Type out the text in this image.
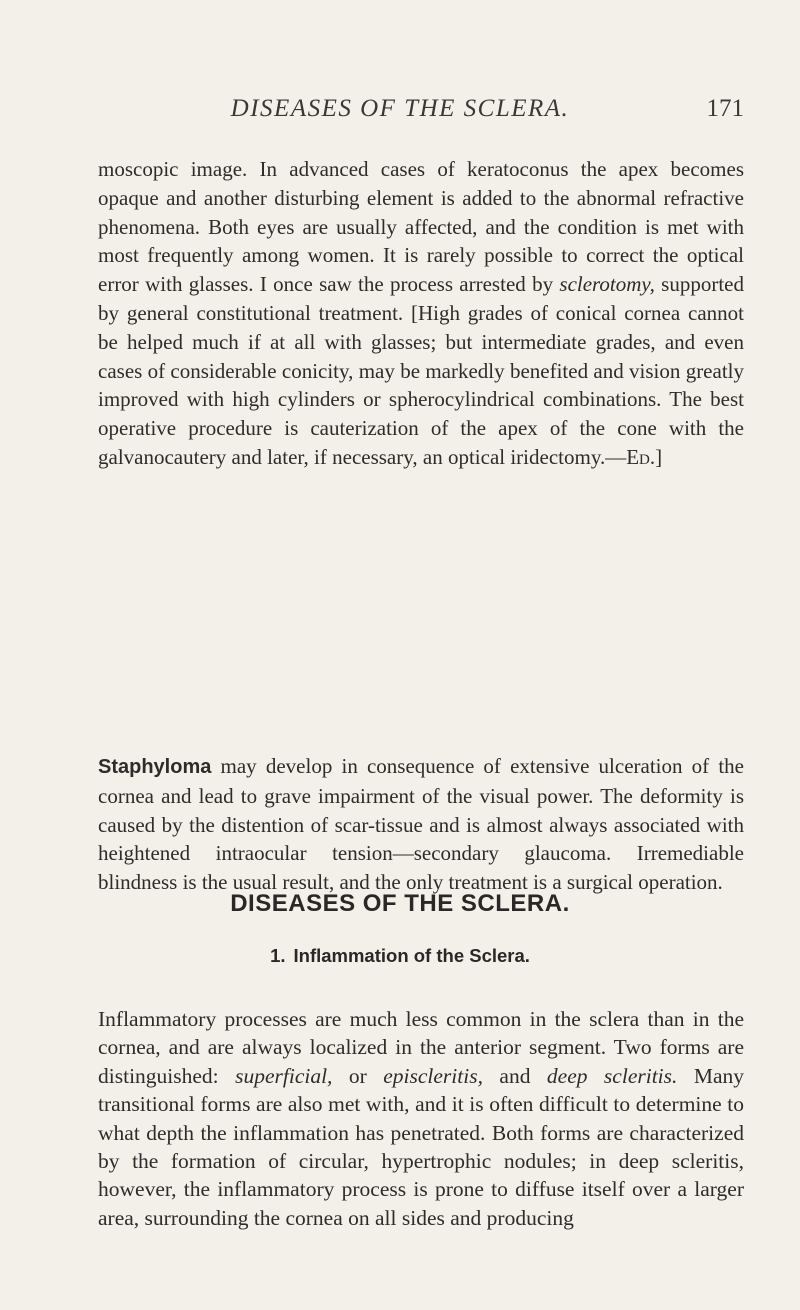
DISEASES OF THE SCLERA.	171

moscopic image. In advanced cases of keratoconus the apex becomes opaque and another disturbing element is added to the abnormal refractive phenomena. Both eyes are usually affected, and the condition is met with most frequently among women. It is rarely possible to correct the optical error with glasses. I once saw the process arrested by sclerotomy, supported by general constitutional treatment. [High grades of conical cornea cannot be helped much if at all with glasses; but intermediate grades, and even cases of considerable conicity, may be markedly benefited and vision greatly improved with high cylinders or spherocylindrical combinations. The best operative procedure is cauterization of the apex of the cone with the galvanocautery and later, if necessary, an optical iridectomy.—Ed.]

Staphyloma may develop in consequence of extensive ulceration of the cornea and lead to grave impairment of the visual power. The deformity is caused by the distention of scar-tissue and is almost always associated with heightened intraocular tension—secondary glaucoma. Irremediable blindness is the usual result, and the only treatment is a surgical operation.

DISEASES OF THE SCLERA.
1. Inflammation of the Sclera.

Inflammatory processes are much less common in the sclera than in the cornea, and are always localized in the anterior segment. Two forms are distinguished: superficial, or episcleritis, and deep scleritis. Many transitional forms are also met with, and it is often difficult to determine to what depth the inflammation has penetrated. Both forms are characterized by the formation of circular, hypertrophic nodules; in deep scleritis, however, the inflammatory process is prone to diffuse itself over a larger area, surrounding the cornea on all sides and producing
